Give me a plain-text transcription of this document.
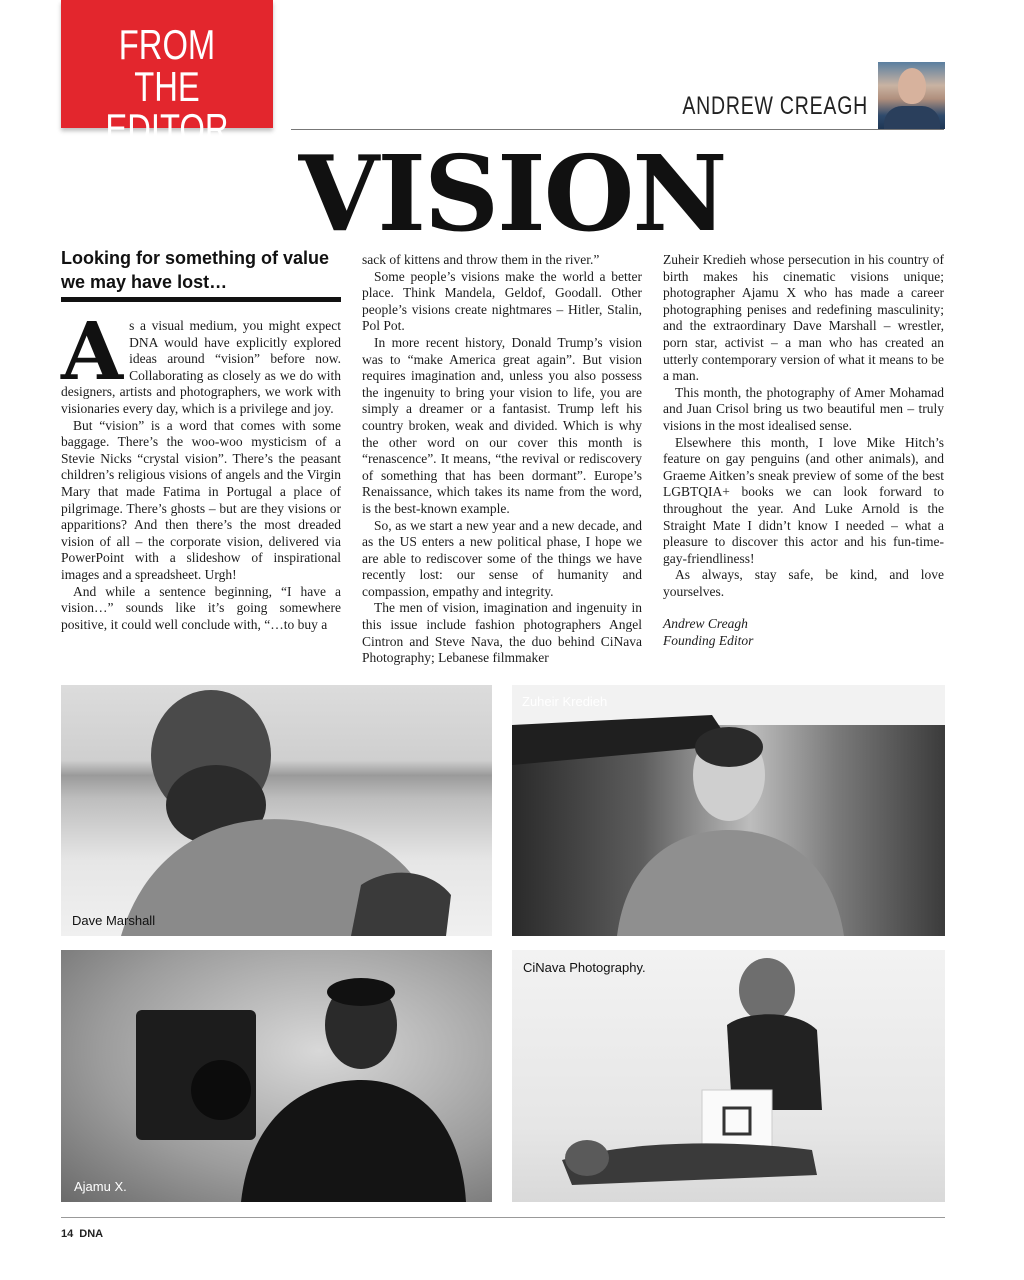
FROM
THE EDITOR	ANDREW CREAGH
VISION
Looking for something of value we may have lost…

As a visual medium, you might expect DNA would have explicitly explored ideas around “vision” before now. Collaborating as closely as we do with designers, artists and photographers, we work with visionaries every day, which is a privilege and joy.

But “vision” is a word that comes with some baggage. There’s the woo-woo mysticism of a Stevie Nicks “crystal vision”. There’s the peasant children’s religious visions of angels and the Virgin Mary that made Fatima in Portugal a place of pilgrimage. There’s ghosts – but are they visions or apparitions? And then there’s the most dreaded vision of all – the corporate vision, delivered via PowerPoint with a slideshow of inspirational images and a spreadsheet. Urgh!

And while a sentence beginning, “I have a vision…” sounds like it’s going somewhere positive, it could well conclude with, “…to buy a

sack of kittens and throw them in the river.”

Some people’s visions make the world a better place. Think Mandela, Geldof, Goodall. Other people’s visions create nightmares – Hitler, Stalin, Pol Pot.

In more recent history, Donald Trump’s vision was to “make America great again”. But vision requires imagination and, unless you also possess the ingenuity to bring your vision to life, you are simply a dreamer or a fantasist. Trump left his country broken, weak and divided. Which is why the other word on our cover this month is “renascence”. It means, “the revival or rediscovery of something that has been dormant”. Europe’s Renaissance, which takes its name from the word, is the best-known example.

So, as we start a new year and a new decade, and as the US enters a new political phase, I hope we are able to rediscover some of the things we have recently lost: our sense of humanity and compassion, empathy and integrity.

The men of vision, imagination and ingenuity in this issue include fashion photographers Angel Cintron and Steve Nava, the duo behind CiNava Photography; Lebanese filmmaker

Zuheir Kredieh whose persecution in his country of birth makes his cinematic visions unique; photographer Ajamu X who has made a career photographing penises and redefining masculinity; and the extraordinary Dave Marshall – wrestler, porn star, activist – a man who has created an utterly contemporary version of what it means to be a man.

This month, the photography of Amer Mohamad and Juan Crisol bring us two beautiful men – truly visions in the most idealised sense.

Elsewhere this month, I love Mike Hitch’s feature on gay penguins (and other animals), and Graeme Aitken’s sneak preview of some of the best LGBTQIA+ books we can look forward to throughout the year. And Luke Arnold is the Straight Mate I didn’t know I needed – what a pleasure to discover this actor and his fun-time-gay-friendliness!

As always, stay safe, be kind, and love yourselves.

Andrew Creagh

Founding Editor

Dave Marshall
Zuheir Kredieh
Ajamu X.
CiNava Photography.
14 DNA
